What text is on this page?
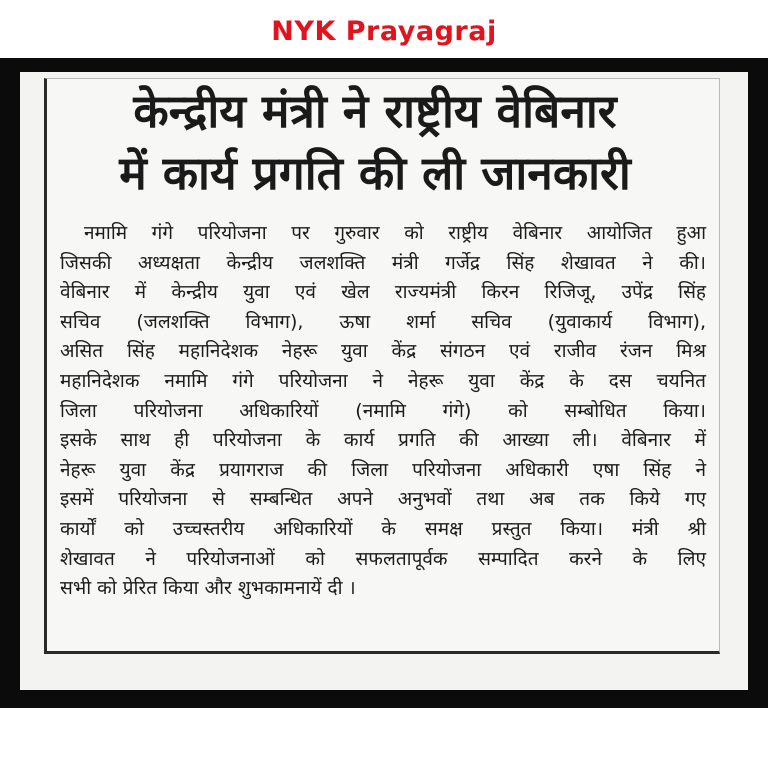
NYK Prayagraj
केन्द्रीय मंत्री ने राष्ट्रीय वेबिनार
में कार्य प्रगति की ली जानकारी

नमामि गंगे परियोजना पर गुरुवार को राष्ट्रीय वेबिनार आयोजित हुआ
जिसकी अध्यक्षता केन्द्रीय जलशक्ति मंत्री गर्जेद्र सिंह शेखावत ने की।
वेबिनार में केन्द्रीय युवा एवं खेल राज्यमंत्री किरन रिजिजू, उपेंद्र सिंह
सचिव (जलशक्ति विभाग), ऊषा शर्मा सचिव (युवाकार्य विभाग),
असित सिंह महानिदेशक नेहरू युवा केंद्र संगठन एवं राजीव रंजन मिश्र
महानिदेशक नमामि गंगे परियोजना ने नेहरू युवा केंद्र के दस चयनित
जिला परियोजना अधिकारियों (नमामि गंगे) को सम्बोधित किया।
इसके साथ ही परियोजना के कार्य प्रगति की आख्या ली। वेबिनार में
नेहरू युवा केंद्र प्रयागराज की जिला परियोजना अधिकारी एषा सिंह ने
इसमें परियोजना से सम्बन्धित अपने अनुभवों तथा अब तक किये गए
कार्यों को उच्चस्तरीय अधिकारियों के समक्ष प्रस्तुत किया। मंत्री श्री
शेखावत ने परियोजनाओं को सफलतापूर्वक सम्पादित करने के लिए
सभी को प्रेरित किया और शुभकामनायें दी ।
